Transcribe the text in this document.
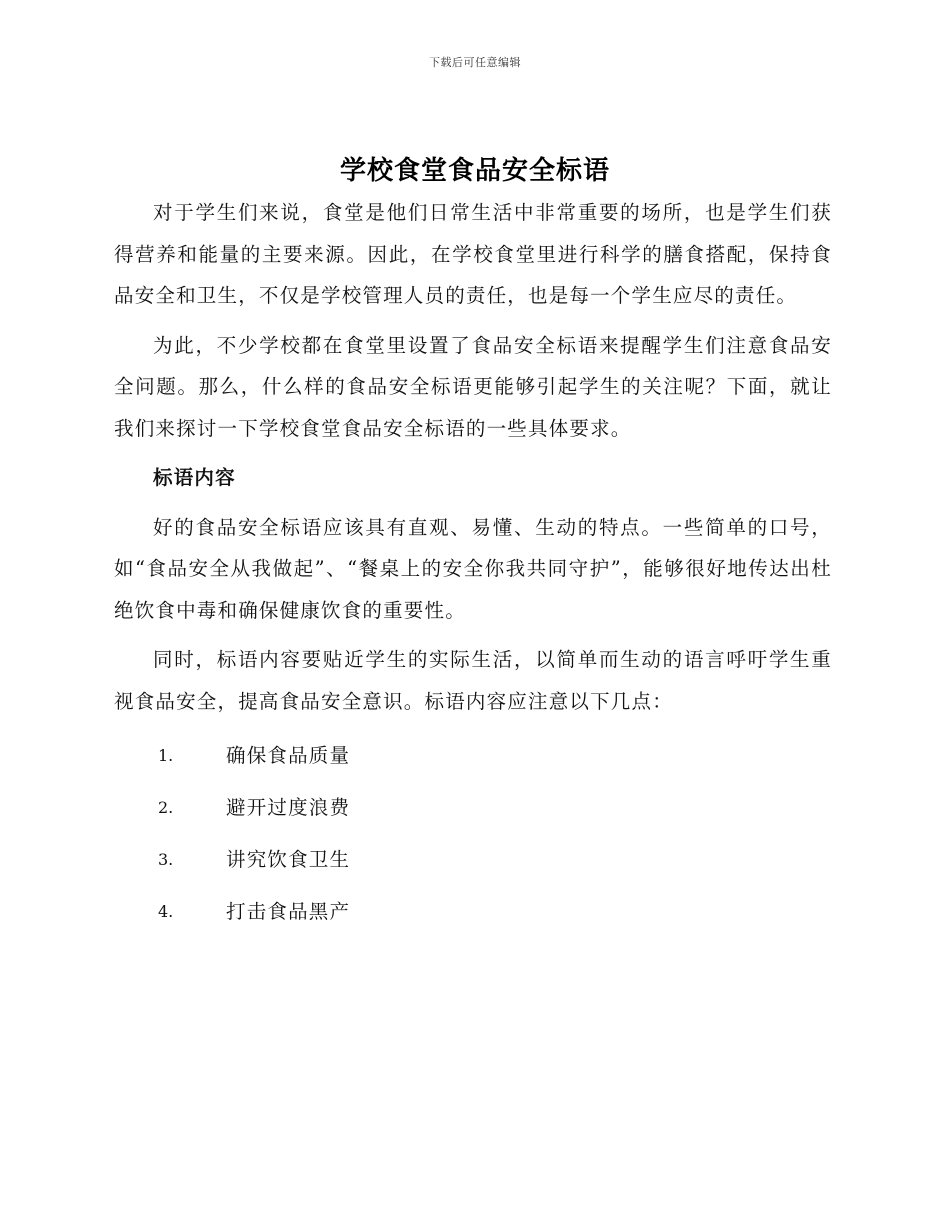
下载后可任意编辑
学校食堂食品安全标语

对于学生们来说，食堂是他们日常生活中非常重要的场所，也是学生们获得营养和能量的主要来源。因此，在学校食堂里进行科学的膳食搭配，保持食品安全和卫生，不仅是学校管理人员的责任，也是每一个学生应尽的责任。

为此，不少学校都在食堂里设置了食品安全标语来提醒学生们注意食品安全问题。那么，什么样的食品安全标语更能够引起学生的关注呢？下面，就让我们来探讨一下学校食堂食品安全标语的一些具体要求。

标语内容

好的食品安全标语应该具有直观、易懂、生动的特点。一些简单的口号，如“食品安全从我做起”、“餐桌上的安全你我共同守护”，能够很好地传达出杜绝饮食中毒和确保健康饮食的重要性。

同时，标语内容要贴近学生的实际生活，以简单而生动的语言呼吁学生重视食品安全，提高食品安全意识。标语内容应注意以下几点：

1.	确保食品质量
2.	避开过度浪费
3.	讲究饮食卫生
4.	打击食品黑产
